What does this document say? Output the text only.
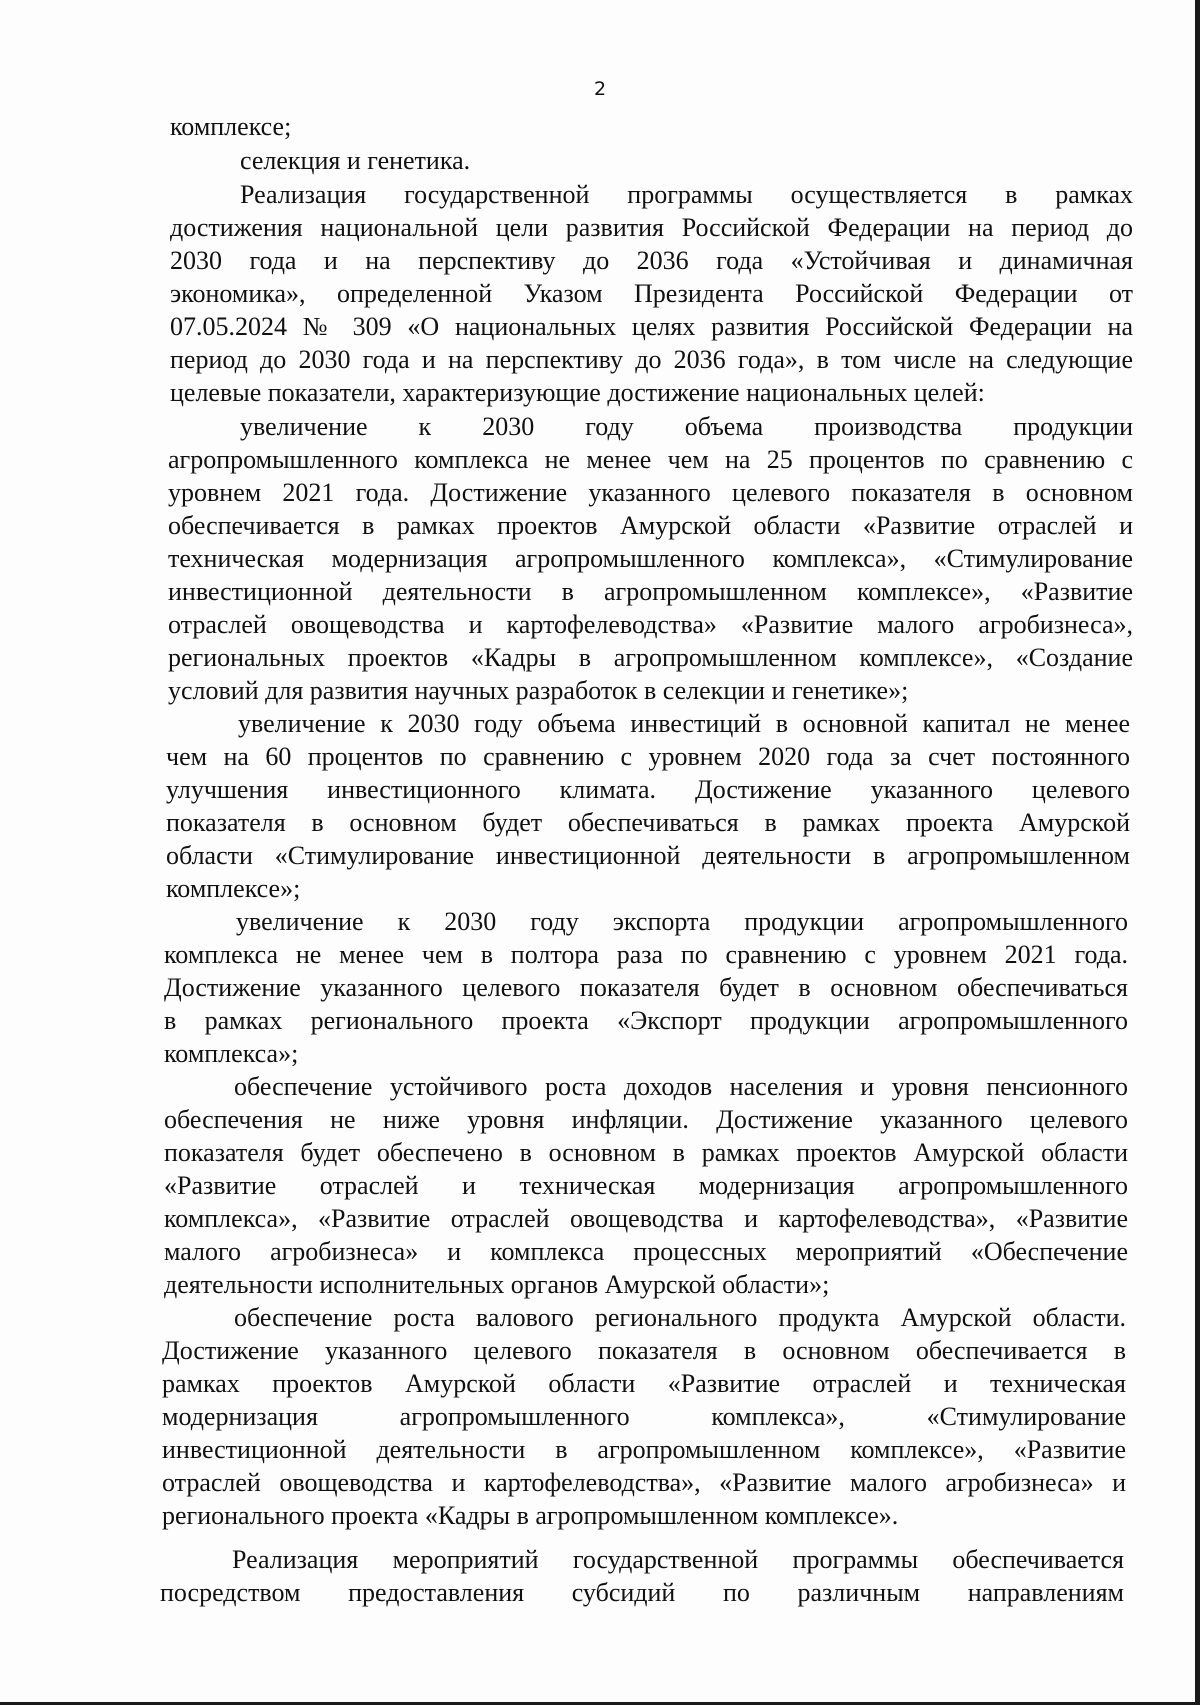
2
комплексе;
селекция и генетика.
Реализация государственной программы осуществляется в рамках
достижения национальной цели развития Российской Федерации на период до
2030 года и на перспективу до 2036 года «Устойчивая и динамичная
экономика», определенной Указом Президента Российской Федерации от
07.05.2024 № 309 «О национальных целях развития Российской Федерации на
период до 2030 года и на перспективу до 2036 года», в том числе на следующие
целевые показатели, характеризующие достижение национальных целей:
увеличение к 2030 году объема производства продукции
агропромышленного комплекса не менее чем на 25 процентов по сравнению с
уровнем 2021 года. Достижение указанного целевого показателя в основном
обеспечивается в рамках проектов Амурской области «Развитие отраслей и
техническая модернизация агропромышленного комплекса», «Стимулирование
инвестиционной деятельности в агропромышленном комплексе», «Развитие
отраслей овощеводства и картофелеводства» «Развитие малого агробизнеса»,
региональных проектов «Кадры в агропромышленном комплексе», «Создание
условий для развития научных разработок в селекции и генетике»;
увеличение к 2030 году объема инвестиций в основной капитал не менее
чем на 60 процентов по сравнению с уровнем 2020 года за счет постоянного
улучшения инвестиционного климата. Достижение указанного целевого
показателя в основном будет обеспечиваться в рамках проекта Амурской
области «Стимулирование инвестиционной деятельности в агропромышленном
комплексе»;
увеличение к 2030 году экспорта продукции агропромышленного
комплекса не менее чем в полтора раза по сравнению с уровнем 2021 года.
Достижение указанного целевого показателя будет в основном обеспечиваться
в рамках регионального проекта «Экспорт продукции агропромышленного
комплекса»;
обеспечение устойчивого роста доходов населения и уровня пенсионного
обеспечения не ниже уровня инфляции. Достижение указанного целевого
показателя будет обеспечено в основном в рамках проектов Амурской области
«Развитие отраслей и техническая модернизация агропромышленного
комплекса», «Развитие отраслей овощеводства и картофелеводства», «Развитие
малого агробизнеса» и комплекса процессных мероприятий «Обеспечение
деятельности исполнительных органов Амурской области»;
обеспечение роста валового регионального продукта Амурской области.
Достижение указанного целевого показателя в основном обеспечивается в
рамках проектов Амурской области «Развитие отраслей и техническая
модернизация агропромышленного комплекса», «Стимулирование
инвестиционной деятельности в агропромышленном комплексе», «Развитие
отраслей овощеводства и картофелеводства», «Развитие малого агробизнеса» и
регионального проекта «Кадры в агропромышленном комплексе».
Реализация мероприятий государственной программы обеспечивается
посредством предоставления субсидий по различным направлениям
